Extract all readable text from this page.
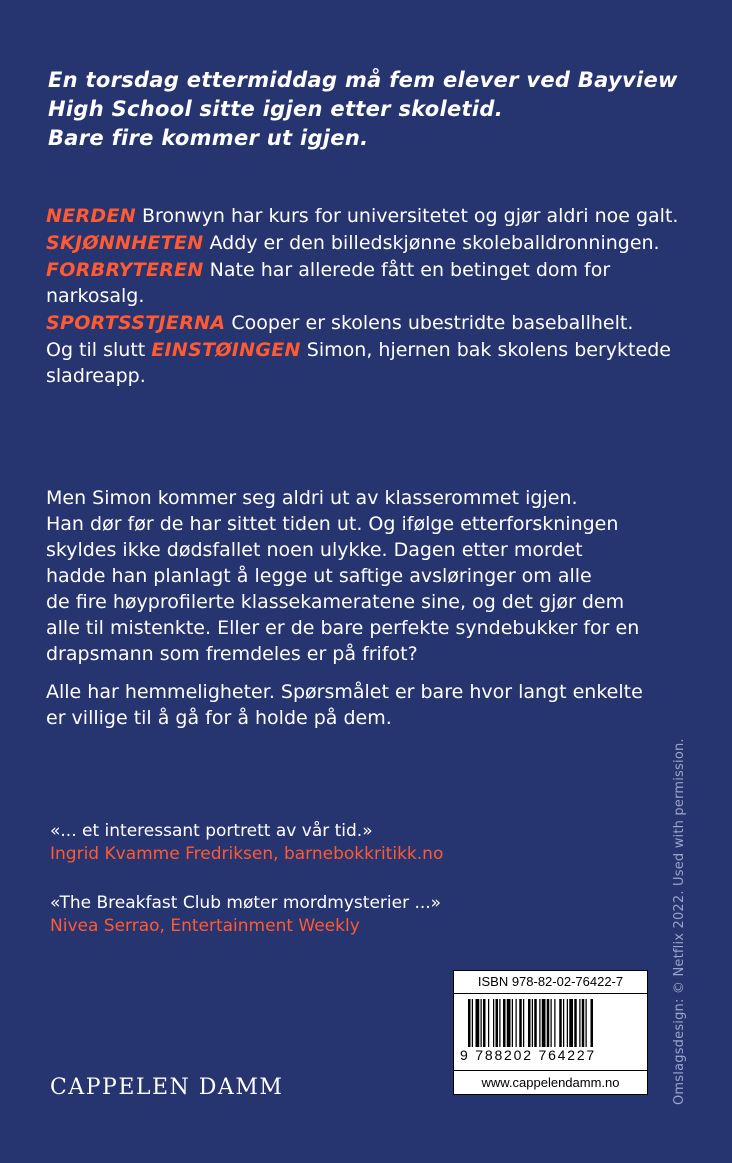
En torsdag ettermiddag må fem elever ved Bayview
High School sitte igjen etter skoletid.
Bare fire kommer ut igjen.
NERDEN Bronwyn har kurs for universitetet og gjør aldri noe galt.
SKJØNNHETEN Addy er den billedskjønne skoleballdronningen.
FORBRYTEREN Nate har allerede fått en betinget dom for narkosalg.
SPORTSSTJERNA Cooper er skolens ubestridte baseballhelt.
Og til slutt EINSTØINGEN Simon, hjernen bak skolens beryktede sladreapp.

Men Simon kommer seg aldri ut av klasserommet igjen.
Han dør før de har sittet tiden ut. Og ifølge etterforskningen
skyldes ikke dødsfallet noen ulykke. Dagen etter mordet
hadde han planlagt å legge ut saftige avsløringer om alle
de fire høyprofilerte klassekameratene sine, og det gjør dem
alle til mistenkte. Eller er de bare perfekte syndebukker for en
drapsmann som fremdeles er på frifot?

Alle har hemmeligheter. Spørsmålet er bare hvor langt enkelte
er villige til å gå for å holde på dem.

«... et interessant portrett av vår tid.»
Ingrid Kvamme Fredriksen, barnebokkritikk.no
«The Breakfast Club møter mordmysterier ...»
Nivea Serrao, Entertainment Weekly	Omslagsdesign: © Netflix 2022. Used with permission.
CAPPELEN DAMM
ISBN 978-82-02-76422-7
9 788202 764227
www.cappelendamm.no
